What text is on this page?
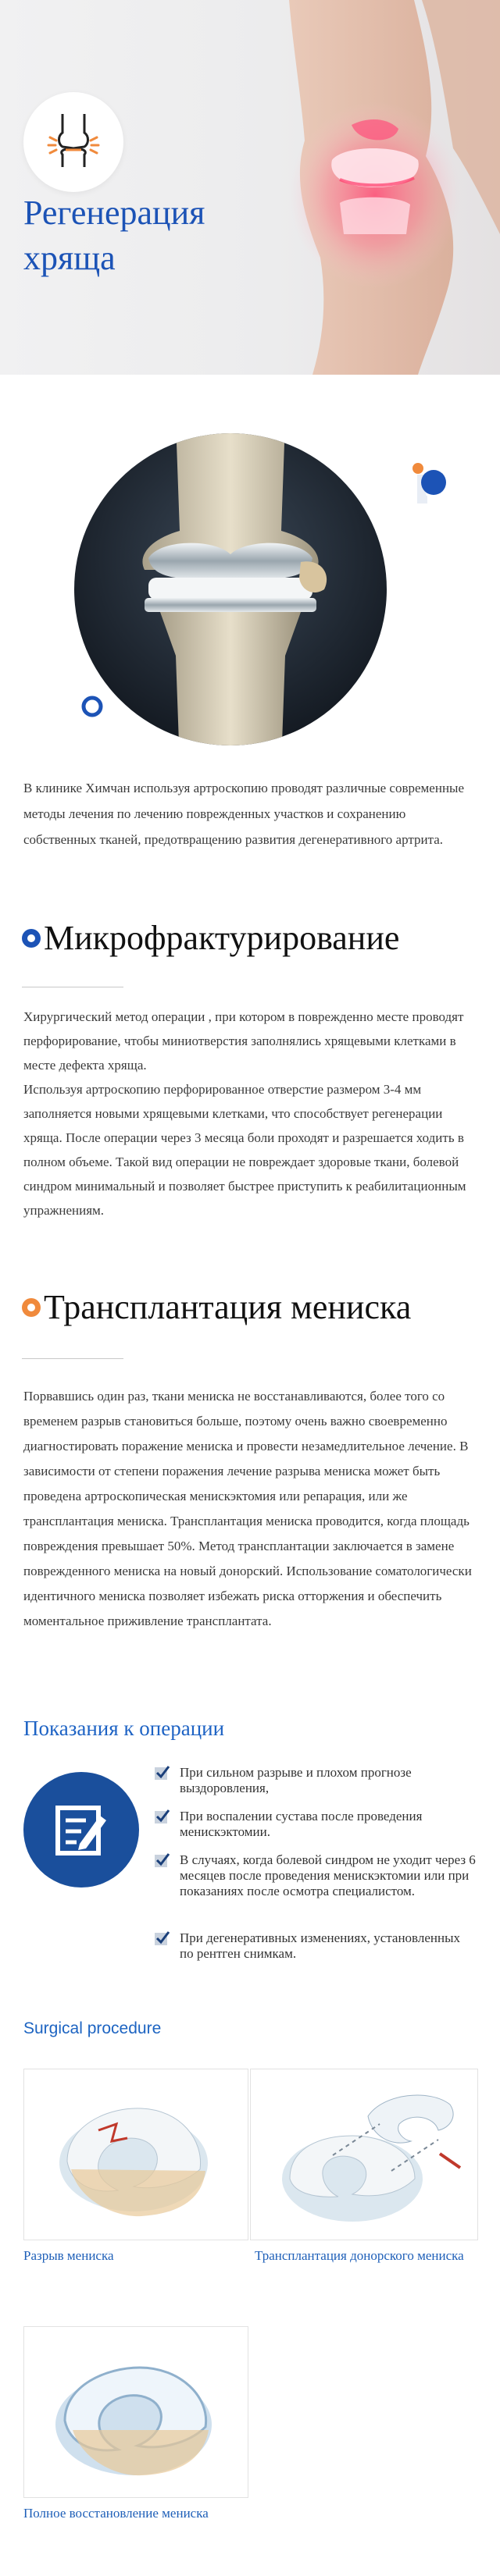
Регенерация
хряща
В клинике Химчан используя артроскопию проводят различные современные методы лечения по лечению поврежденных участков и сохранению собственных тканей, предотвращению развития дегенеративного артрита.
Микрофрактурирование
Хирургический метод операции , при котором в поврежденно месте проводят перфорирование, чтобы миниотверстия заполнялись хрящевыми клетками в месте дефекта хряща.
Используя артроскопию перфорированное отверстие размером 3-4 мм заполняется новыми хрящевыми клетками, что способствует регенерации хряща. После операции через 3 месяца боли проходят и разрешается ходить в полном объеме. Такой вид операции не повреждает здоровые ткани, болевой синдром минимальный и позволяет быстрее приступить к реабилитационным упражнениям.
Трансплантация мениска
Порвавшись один раз, ткани мениска не восстанавливаются, более того со временем разрыв становиться больше, поэтому очень важно своевременно диагностировать поражение мениска и провести незамедлительное лечение. В зависимости от степени поражения лечение разрыва мениска может быть проведена артроскопическая менискэктомия или репарация, или же трансплантация мениска. Трансплантация мениска проводится, когда площадь повреждения превышает 50%. Метод трансплантации заключается в замене поврежденного мениска на новый донорский. Использование соматологически идентичного мениска позволяет избежать риска отторжения и обеспечить моментальное приживление трансплантата.
Показания к операции
При сильном разрыве и плохом прогнозе выздоровления,
При воспалении сустава после проведения менискэктомии.
В случаях, когда болевой синдром не уходит через 6 месяцев после проведения менискэктомии или при показаниях после осмотра специалистом.
При дегенеративных изменениях, установленных по рентген снимкам.
Surgical procedure
Разрыв мениска	Трансплантация донорского мениска
Полное восстановление мениска
